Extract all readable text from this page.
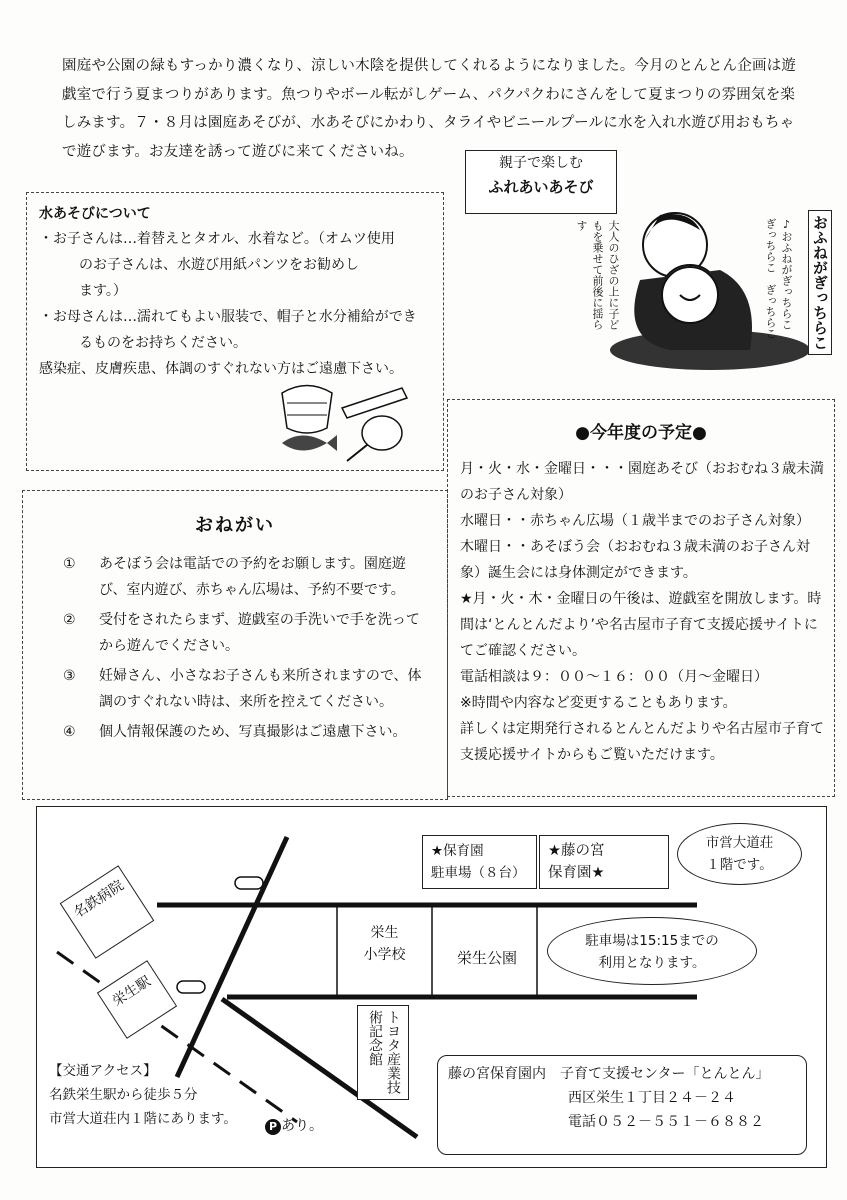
園庭や公園の緑もすっかり濃くなり、涼しい木陰を提供してくれるようになりました。今月のとんとん企画は遊戯室で行う夏まつりがあります。魚つりやボール転がしゲーム、パクパクわにさんをして夏まつりの雰囲気を楽しみます。７・８月は園庭あそびが、水あそびにかわり、タライやビニールプールに水を入れ水遊び用おもちゃで遊びます。お友達を誘って遊びに来てくださいね。
親子で楽しむ
ふれあいあそび
大人のひざの上に子どもを乗せて前後に揺らす	おふねがぎっちらこ
♪おふねがぎっちらこ　ぎっちらこ　ぎっちらこ
水あそびについて
・お子さんは…着替えとタオル、水着など。（オムツ使用
のお子さんは、水遊び用紙パンツをお勧めし
ます。）
・お母さんは…濡れてもよい服装で、帽子と水分補給ができ
るものをお持ちください。
感染症、皮膚疾患、体調のすぐれない方はご遠慮下さい。
おねがい
① あそぼう会は電話での予約をお願します。園庭遊び、室内遊び、赤ちゃん広場は、予約不要です。
② 受付をされたらまず、遊戯室の手洗いで手を洗ってから遊んでください。
③ 妊婦さん、小さなお子さんも来所されますので、体調のすぐれない時は、来所を控えてください。
④ 個人情報保護のため、写真撮影はご遠慮下さい。
●今年度の予定●
月・火・水・金曜日・・・園庭あそび（おおむね３歳未満のお子さん対象）
水曜日・・赤ちゃん広場（１歳半までのお子さん対象）
木曜日・・あそぼう会（おおむね３歳未満のお子さん対象）誕生会には身体測定ができます。
★月・火・木・金曜日の午後は、遊戯室を開放します。時間は‘とんとんだより’や名古屋市子育て支援応援サイトにてご確認ください。
電話相談は９：００～１６：００（月～金曜日）
※時間や内容など変更することもあります。
詳しくは定期発行されるとんとんだよりや名古屋市子育て支援応援サイトからもご覧いただけます。
名鉄病院
栄生駅
栄生
小学校	栄生公園
トヨタ産業技術記念館
★保育園
駐車場（８台）
★藤の宮
保育園★
市営大道荘
１階です。
駐車場は15:15までの
利用となります。
【交通アクセス】
名鉄栄生駅から徒歩５分
市営大道荘内１階にあります。	P あり。
藤の宮保育園内　子育て支援センター「とんとん」
西区栄生１丁目２４－２４
電話０５２－５５１－６８８２
